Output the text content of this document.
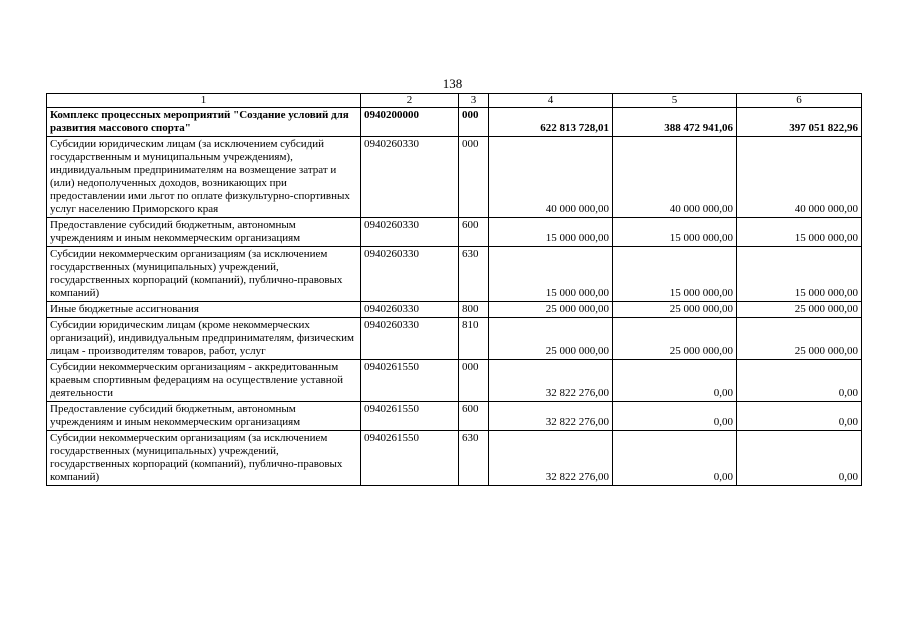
138
1	2	3	4	5	6
Комплекс процессных мероприятий "Создание условий для развития массового спорта"	0940200000	000	622 813 728,01	388 472 941,06	397 051 822,96
Субсидии юридическим лицам (за исключением субсидий государственным и муниципальным учреждениям), индивидуальным предпринимателям на возмещение затрат и (или) недополученных доходов, возникающих при предоставлении ими льгот по оплате физкультурно-спортивных услуг населению Приморского края	0940260330	000	40 000 000,00	40 000 000,00	40 000 000,00
Предоставление субсидий бюджетным, автономным учреждениям и иным некоммерческим организациям	0940260330	600	15 000 000,00	15 000 000,00	15 000 000,00
Субсидии некоммерческим организациям (за исключением государственных (муниципальных) учреждений, государственных корпораций (компаний), публично-правовых компаний)	0940260330	630	15 000 000,00	15 000 000,00	15 000 000,00
Иные бюджетные ассигнования	0940260330	800	25 000 000,00	25 000 000,00	25 000 000,00
Субсидии юридическим лицам (кроме некоммерческих организаций), индивидуальным предпринимателям, физическим лицам - производителям товаров, работ, услуг	0940260330	810	25 000 000,00	25 000 000,00	25 000 000,00
Субсидии некоммерческим организациям - аккредитованным краевым спортивным федерациям на осуществление уставной деятельности	0940261550	000	32 822 276,00	0,00	0,00
Предоставление субсидий бюджетным, автономным учреждениям и иным некоммерческим организациям	0940261550	600	32 822 276,00	0,00	0,00
Субсидии некоммерческим организациям (за исключением государственных (муниципальных) учреждений, государственных корпораций (компаний), публично-правовых компаний)	0940261550	630	32 822 276,00	0,00	0,00
